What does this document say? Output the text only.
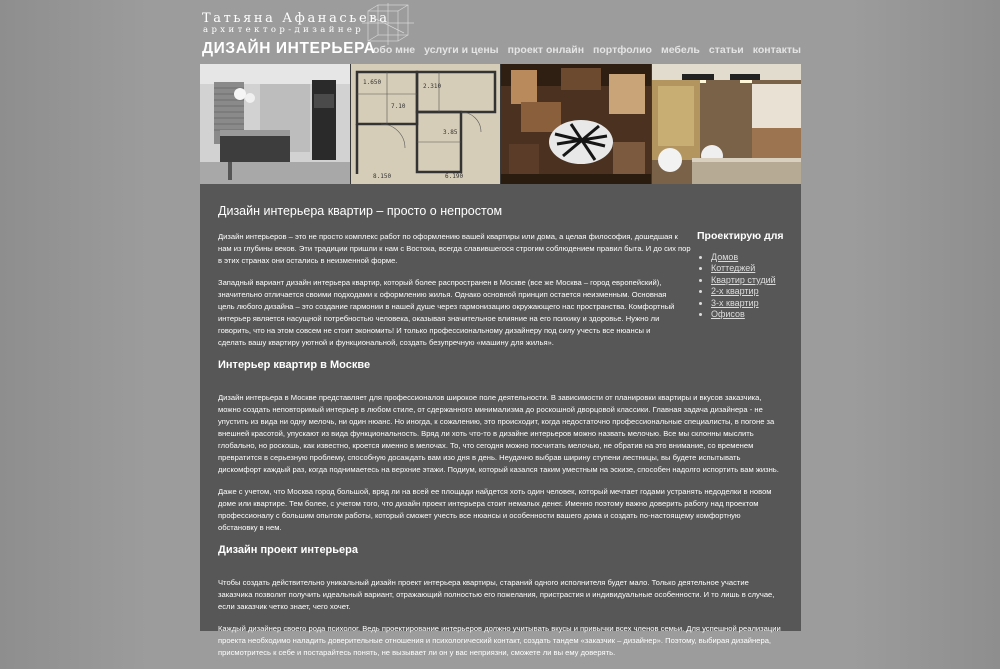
Татьяна Афанасьева
архитектор-дизайнер
ДИЗАЙН ИНТЕРЬЕРА
обо мне услуги и цены проект онлайн портфолио мебель статьи контакты
1.650
2.310
7.10
3.85
8.150	6.190
Дизайн интерьера квартир – просто о непростом

Дизайн интерьеров – это не просто комплекс работ по оформлению вашей квартиры или дома, а целая философия, дошедшая к нам из глубины веков. Эти традиции пришли к нам с Востока, всегда славившегося строгим соблюдением правил быта. И до сих пор в этих странах они остались в неизменной форме.

Западный вариант дизайн интерьера квартир, который более распространен в Москве (все же Москва – город европейский), значительно отличается своими подходами к оформлению жилья. Однако основной принцип остается неизменным. Основная цель любого дизайна – это создание гармонии в нашей душе через гармонизацию окружающего нас пространства. Комфортный интерьер является насущной потребностью человека, оказывая значительное влияние на его психику и здоровье. Нужно ли говорить, что на этом совсем не стоит экономить! И только профессиональному дизайнеру под силу учесть все нюансы и сделать вашу квартиру уютной и функциональной, создать безупречную «машину для жилья».

Интерьер квартир в Москве

Дизайн интерьера в Москве представляет для профессионалов широкое поле деятельности. В зависимости от планировки квартиры и вкусов заказчика, можно создать неповторимый интерьер в любом стиле, от сдержанного минимализма до роскошной дворцовой классики. Главная задача дизайнера - не упустить из вида ни одну мелочь, ни один нюанс. Но иногда, к сожалению, это происходит, когда недостаточно профессиональные специалисты, в погоне за внешней красотой, упускают из вида функциональность. Вряд ли хоть что-то в дизайне интерьеров можно назвать мелочью. Все мы склонны мыслить глобально, но роскошь, как известно, кроется именно в мелочах. То, что сегодня можно посчитать мелочью, не обратив на это внимание, со временем превратится в серьезную проблему, способную досаждать вам изо дня в день. Неудачно выбрав ширину ступени лестницы, вы будете испытывать дискомфорт каждый раз, когда поднимаетесь на верхние этажи. Подиум, который казался таким уместным на эскизе, способен надолго испортить вам жизнь.

Даже с учетом, что Москва город большой, вряд ли на всей ее площади найдется хоть один человек, который мечтает годами устранять недоделки в новом доме или квартире. Тем более, с учетом того, что дизайн проект интерьера стоит немалых денег. Именно поэтому важно доверить работу над проектом профессионалу с большим опытом работы, который сможет учесть все нюансы и особенности вашего дома и создать по-настоящему комфортную обстановку в нем.

Дизайн проект интерьера

Чтобы создать действительно уникальный дизайн проект интерьера квартиры, стараний одного исполнителя будет мало. Только деятельное участие заказчика позволит получить идеальный вариант, отражающий полностью его пожелания, пристрастия и индивидуальные особенности. И то лишь в случае, если заказчик четко знает, чего хочет.

Каждый дизайнер своего рода психолог. Ведь проектирование интерьеров должно учитывать вкусы и привычки всех членов семьи. Для успешной реализации проекта необходимо наладить доверительные отношения и психологический контакт, создать тандем «заказчик – дизайнер». Поэтому, выбирая дизайнера, присмотритесь к себе и постарайтесь понять, не вызывает ли он у вас неприязни, сможете ли вы ему доверять.

Проектирую для
• Домов
• Коттеджей
• Квартир студий
• 2-х квартир
• 3-х квартир
• Офисов
